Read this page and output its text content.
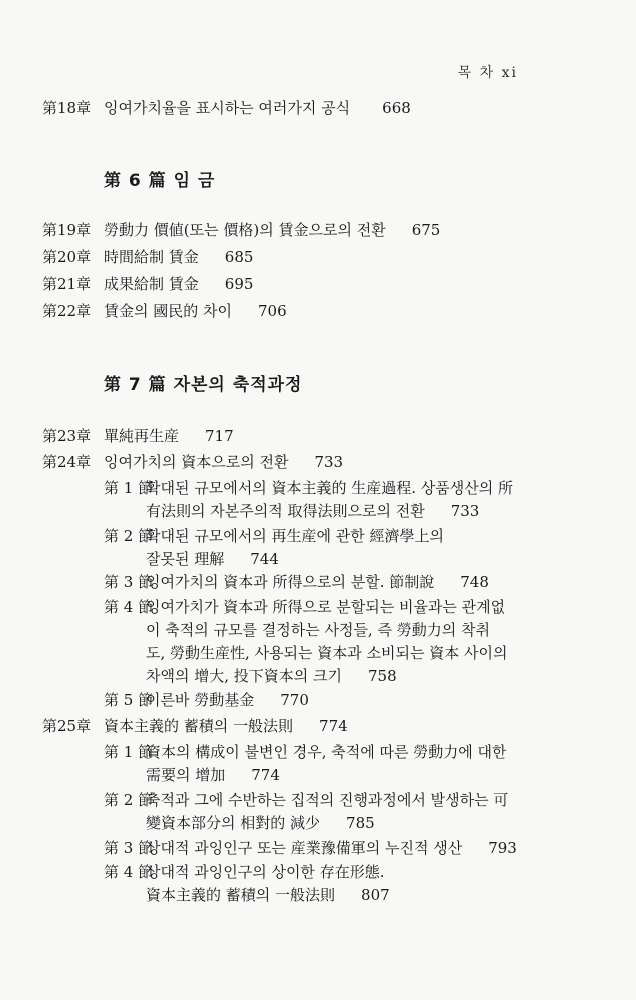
목 차 xi
第18章 잉여가치율을 표시하는 여러가지 공식 668
第 6 篇 임 금
第19章 勞動力 價値(또는 價格)의 賃金으로의 전환 675
第20章 時間給制 賃金 685
第21章 成果給制 賃金 695
第22章 賃金의 國民的 차이 706
第 7 篇 자본의 축적과정
第23章 單純再生産 717
第24章 잉여가치의 資本으로의 전환 733
第 1 節확대된 규모에서의 資本主義的 生産過程. 상품생산의 所
有法則의 자본주의적 取得法則으로의 전환 733
第 2 節확대된 규모에서의 再生産에 관한 經濟學上의
잘못된 理解 744
第 3 節잉여가치의 資本과 所得으로의 분할. 節制說 748
第 4 節잉여가치가 資本과 所得으로 분할되는 비율과는 관계없
이 축적의 규모를 결정하는 사정들, 즉 勞動力의 착취
도, 勞動生産性, 사용되는 資本과 소비되는 資本 사이의
차액의 增大, 投下資本의 크기 758
第 5 節이른바 勞動基金 770
第25章 資本主義的 蓄積의 一般法則 774
第 1 節資本의 構成이 불변인 경우, 축적에 따른 勞動力에 대한
需要의 增加 774
第 2 節축적과 그에 수반하는 집적의 진행과정에서 발생하는 可
變資本部分의 相對的 減少 785
第 3 節상대적 과잉인구 또는 産業豫備軍의 누진적 생산 793
第 4 節상대적 과잉인구의 상이한 存在形態.
資本主義的 蓄積의 一般法則 807
